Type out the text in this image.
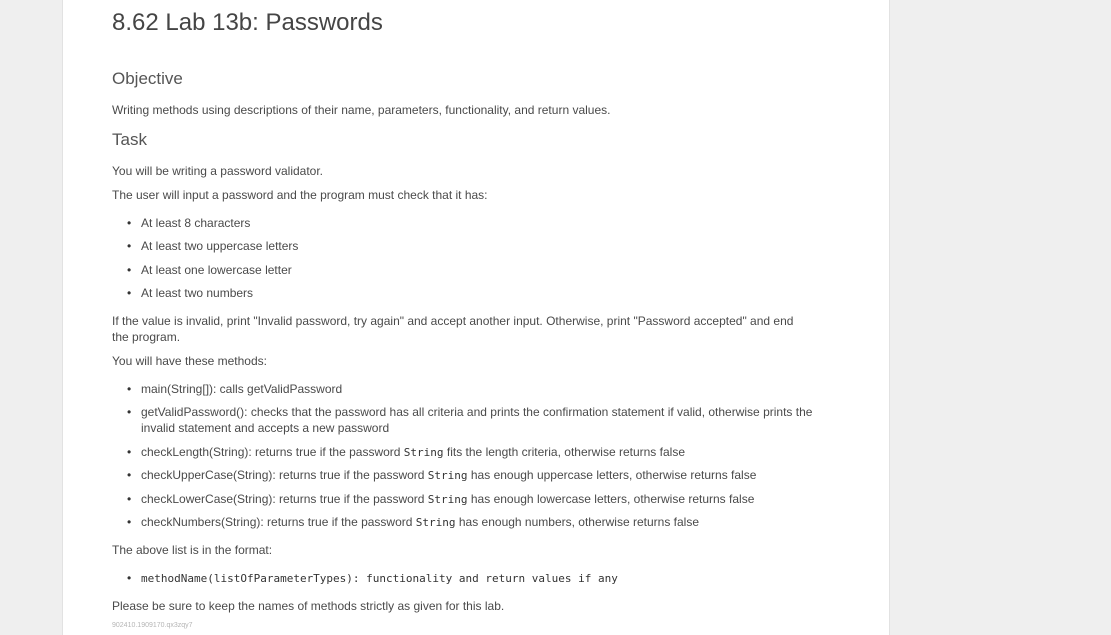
8.62 Lab 13b: Passwords
Objective

Writing methods using descriptions of their name, parameters, functionality, and return values.

Task

You will be writing a password validator.

The user will input a password and the program must check that it has:

• At least 8 characters
• At least two uppercase letters
• At least one lowercase letter
• At least two numbers

If the value is invalid, print "Invalid password, try again" and accept another input. Otherwise, print "Password accepted" and end the program.

You will have these methods:

• main(String[]): calls getValidPassword
• getValidPassword(): checks that the password has all criteria and prints the confirmation statement if valid, otherwise prints the invalid statement and accepts a new password
• checkLength(String): returns true if the password String fits the length criteria, otherwise returns false
• checkUpperCase(String): returns true if the password String has enough uppercase letters, otherwise returns false
• checkLowerCase(String): returns true if the password String has enough lowercase letters, otherwise returns false
• checkNumbers(String): returns true if the password String has enough numbers, otherwise returns false

The above list is in the format:

• methodName(listOfParameterTypes): functionality and return values if any

Please be sure to keep the names of methods strictly as given for this lab.

902410.1909170.qx3zqy7
